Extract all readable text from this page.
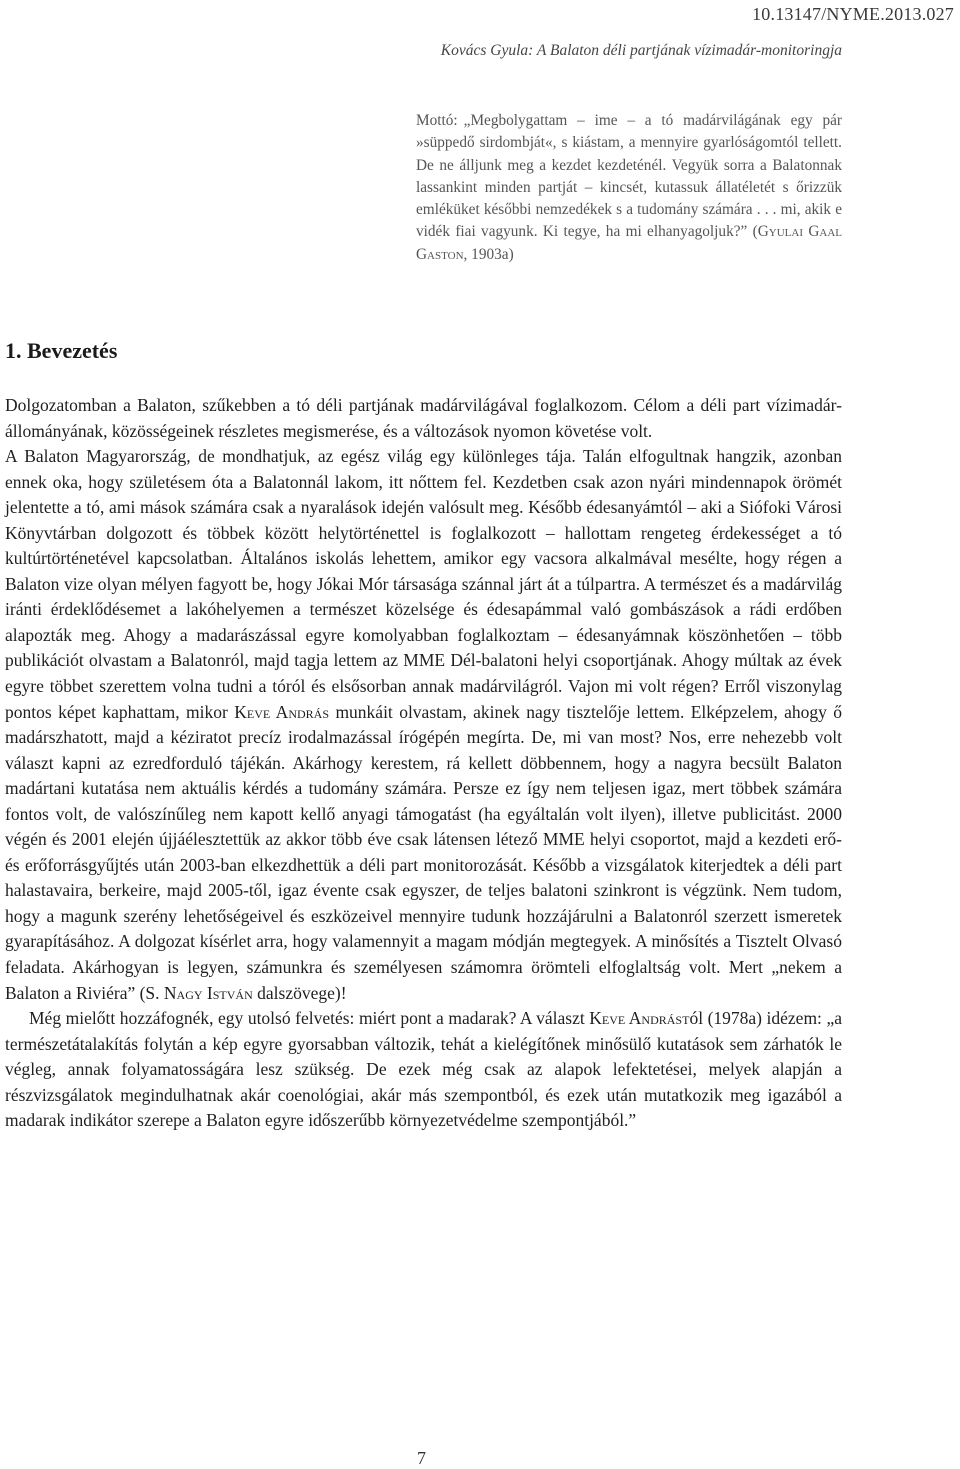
10.13147/NYME.2013.027
Kovács Gyula: A Balaton déli partjának vízimadár-monitoringja
Mottó: „Megbolygattam – ime – a tó madárvilágának egy pár »süppedő sirdombját«, s kiástam, a mennyire gyarlóságomtól tellett. De ne álljunk meg a kezdet kezdeténél. Vegyük sorra a Balatonnak lassankint minden partját – kincsét, kutassuk állatéletét s őrizzük emléküket későbbi nemzedékek s a tudomány számára . . . mi, akik e vidék fiai vagyunk. Ki tegye, ha mi elhanyagoljuk?” (Gyulai Gaal Gaston, 1903a)
1. Bevezetés

Dolgozatomban a Balaton, szűkebben a tó déli partjának madárvilágával foglalkozom. Célom a déli part vízimadár-állományának, közösségeinek részletes megismerése, és a változások nyomon követése volt.

A Balaton Magyarország, de mondhatjuk, az egész világ egy különleges tája. Talán elfogultnak hangzik, azonban ennek oka, hogy születésem óta a Balatonnál lakom, itt nőttem fel. Kezdetben csak azon nyári mindennapok örömét jelentette a tó, ami mások számára csak a nyaralások idején valósult meg. Később édesanyámtól – aki a Siófoki Városi Könyvtárban dolgozott és többek között helytörténettel is foglalkozott – hallottam rengeteg érdekességet a tó kultúrtörténetével kapcsolatban. Általános iskolás lehettem, amikor egy vacsora alkalmával mesélte, hogy régen a Balaton vize olyan mélyen fagyott be, hogy Jókai Mór társasága szánnal járt át a túlpartra. A természet és a madárvilág iránti érdeklődésemet a lakóhelyemen a természet közelsége és édesapámmal való gombászások a rádi erdőben alapozták meg. Ahogy a madarászással egyre komolyabban foglalkoztam – édesanyámnak köszönhetően – több publikációt olvastam a Balatonról, majd tagja lettem az MME Dél-balatoni helyi csoportjának. Ahogy múltak az évek egyre többet szerettem volna tudni a tóról és elsősorban annak madárvilágról. Vajon mi volt régen? Erről viszonylag pontos képet kaphattam, mikor Keve András munkáit olvastam, akinek nagy tisztelője lettem. Elképzelem, ahogy ő madárszhatott, majd a kéziratot precíz irodalmazással írógépén megírta. De, mi van most? Nos, erre nehezebb volt választ kapni az ezredforduló tájékán. Akárhogy kerestem, rá kellett döbbennem, hogy a nagyra becsült Balaton madártani kutatása nem aktuális kérdés a tudomány számára. Persze ez így nem teljesen igaz, mert többek számára fontos volt, de valószínűleg nem kapott kellő anyagi támogatást (ha egyáltalán volt ilyen), illetve publicitást. 2000 végén és 2001 elején újjáélesztettük az akkor több éve csak látensen létező MME helyi csoportot, majd a kezdeti erő- és erőforrásgyűjtés után 2003-ban elkezdhettük a déli part monitorozását. Később a vizsgálatok kiterjedtek a déli part halastavaira, berkeire, majd 2005-től, igaz évente csak egyszer, de teljes balatoni szinkront is végzünk. Nem tudom, hogy a magunk szerény lehetőségeivel és eszközeivel mennyire tudunk hozzájárulni a Balatonról szerzett ismeretek gyarapításához. A dolgozat kísérlet arra, hogy valamennyit a magam módján megtegyek. A minősítés a Tisztelt Olvasó feladata. Akárhogyan is legyen, számunkra és személyesen számomra örömteli elfoglaltság volt. Mert „nekem a Balaton a Riviéra” (S. Nagy István dalszövege)!

Még mielőtt hozzáfognék, egy utolsó felvetés: miért pont a madarak? A választ Keve Andrástól (1978a) idézem: „a természetátalakítás folytán a kép egyre gyorsabban változik, tehát a kielégítőnek minősülő kutatások sem zárhatók le végleg, annak folyamatosságára lesz szükség. De ezek még csak az alapok lefektetései, melyek alapján a részvizsgálatok megindulhatnak akár coenológiai, akár más szempontból, és ezek után mutatkozik meg igazából a madarak indikátor szerepe a Balaton egyre időszerűbb környezetvédelme szempontjából.”

7
